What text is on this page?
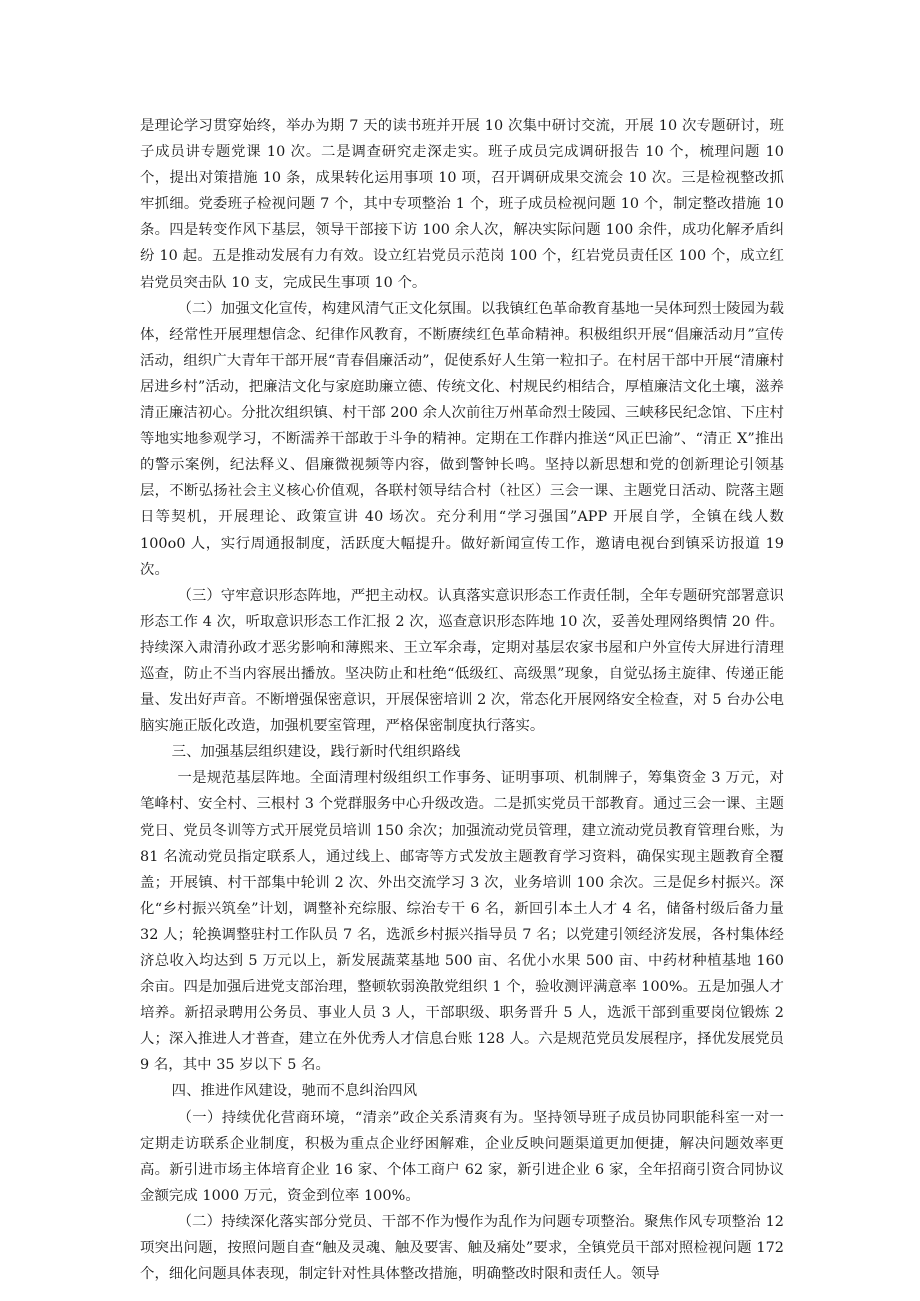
是理论学习贯穿始终，举办为期 7 天的读书班并开展 10 次集中研讨交流，开展 10 次专题研讨，班子成员讲专题党课 10 次。二是调查研究走深走实。班子成员完成调研报告 10 个，梳理问题 10 个，提出对策措施 10 条，成果转化运用事项 10 项，召开调研成果交流会 10 次。三是检视整改抓牢抓细。党委班子检视问题 7 个，其中专项整治 1 个，班子成员检视问题 10 个，制定整改措施 10 条。四是转变作风下基层，领导干部接下访 100 余人次，解决实际问题 100 余件，成功化解矛盾纠纷 10 起。五是推动发展有力有效。设立红岩党员示范岗 100 个，红岩党员责任区 100 个，成立红岩党员突击队 10 支，完成民生事项 10 个。

（二）加强文化宣传，构建风清气正文化氛围。以我镇红色革命教育基地一吴体珂烈士陵园为载体，经常性开展理想信念、纪律作风教育，不断赓续红色革命精神。积极组织开展“倡廉活动月”宣传活动，组织广大青年干部开展“青春倡廉活动”，促使系好人生第一粒扣子。在村居干部中开展“清廉村居进乡村”活动，把廉洁文化与家庭助廉立德、传统文化、村规民约相结合，厚植廉洁文化土壤，滋养清正廉洁初心。分批次组织镇、村干部 200 余人次前往万州革命烈士陵园、三峡移民纪念馆、下庄村等地实地参观学习，不断濡养干部敢于斗争的精神。定期在工作群内推送“风正巴渝”、“清正 X”推出的警示案例，纪法释义、倡廉微视频等内容，做到警钟长鸣。坚持以新思想和党的创新理论引领基层，不断弘扬社会主义核心价值观，各联村领导结合村（社区）三会一课、主题党日活动、院落主题日等契机，开展理论、政策宣讲 40 场次。充分利用“学习强国”APP 开展自学，全镇在线人数 100o0 人，实行周通报制度，活跃度大幅提升。做好新闻宣传工作，邀请电视台到镇采访报道 19 次。

（三）守牢意识形态阵地，严把主动权。认真落实意识形态工作责任制，全年专题研究部署意识形态工作 4 次，听取意识形态工作汇报 2 次，巡查意识形态阵地 10 次，妥善处理网络舆情 20 件。持续深入肃清孙政才恶劣影响和薄熙来、王立军余毒，定期对基层农家书屋和户外宣传大屏进行清理巡查，防止不当内容展出播放。坚决防止和杜绝“低级红、高级黑”现象，自觉弘扬主旋律、传递正能量、发出好声音。不断增强保密意识，开展保密培训 2 次，常态化开展网络安全检查，对 5 台办公电脑实施正版化改造，加强机要室管理，严格保密制度执行落实。

三、加强基层组织建设，践行新时代组织路线

一是规范基层阵地。全面清理村级组织工作事务、证明事项、机制牌子，筹集资金 3 万元，对笔峰村、安全村、三根村 3 个党群服务中心升级改造。二是抓实党员干部教育。通过三会一课、主题党日、党员冬训等方式开展党员培训 150 余次；加强流动党员管理，建立流动党员教育管理台账，为 81 名流动党员指定联系人，通过线上、邮寄等方式发放主题教育学习资料，确保实现主题教育全覆盖；开展镇、村干部集中轮训 2 次、外出交流学习 3 次，业务培训 100 余次。三是促乡村振兴。深化“乡村振兴筑垒”计划，调整补充综服、综治专干 6 名，新回引本土人才 4 名，储备村级后备力量 32 人；轮换调整驻村工作队员 7 名，选派乡村振兴指导员 7 名；以党建引领经济发展，各村集体经济总收入均达到 5 万元以上，新发展蔬菜基地 500 亩、名优小水果 500 亩、中药材种植基地 160 余亩。四是加强后进党支部治理，整顿软弱涣散党组织 1 个，验收测评满意率 100%。五是加强人才培养。新招录聘用公务员、事业人员 3 人，干部职级、职务晋升 5 人，选派干部到重要岗位锻炼 2 人；深入推进人才普查，建立在外优秀人才信息台账 128 人。六是规范党员发展程序，择优发展党员 9 名，其中 35 岁以下 5 名。

四、推进作风建设，驰而不息纠治四风

（一）持续优化营商环境，“清亲”政企关系清爽有为。坚持领导班子成员协同职能科室一对一定期走访联系企业制度，积极为重点企业纾困解难，企业反映问题渠道更加便捷，解决问题效率更高。新引进市场主体培育企业 16 家、个体工商户 62 家，新引进企业 6 家，全年招商引资合同协议金额完成 1000 万元，资金到位率 100%。

（二）持续深化落实部分党员、干部不作为慢作为乱作为问题专项整治。聚焦作风专项整治 12 项突出问题，按照问题自查“触及灵魂、触及要害、触及痛处”要求，全镇党员干部对照检视问题 172 个，细化问题具体表现，制定针对性具体整改措施，明确整改时限和责任人。领导
